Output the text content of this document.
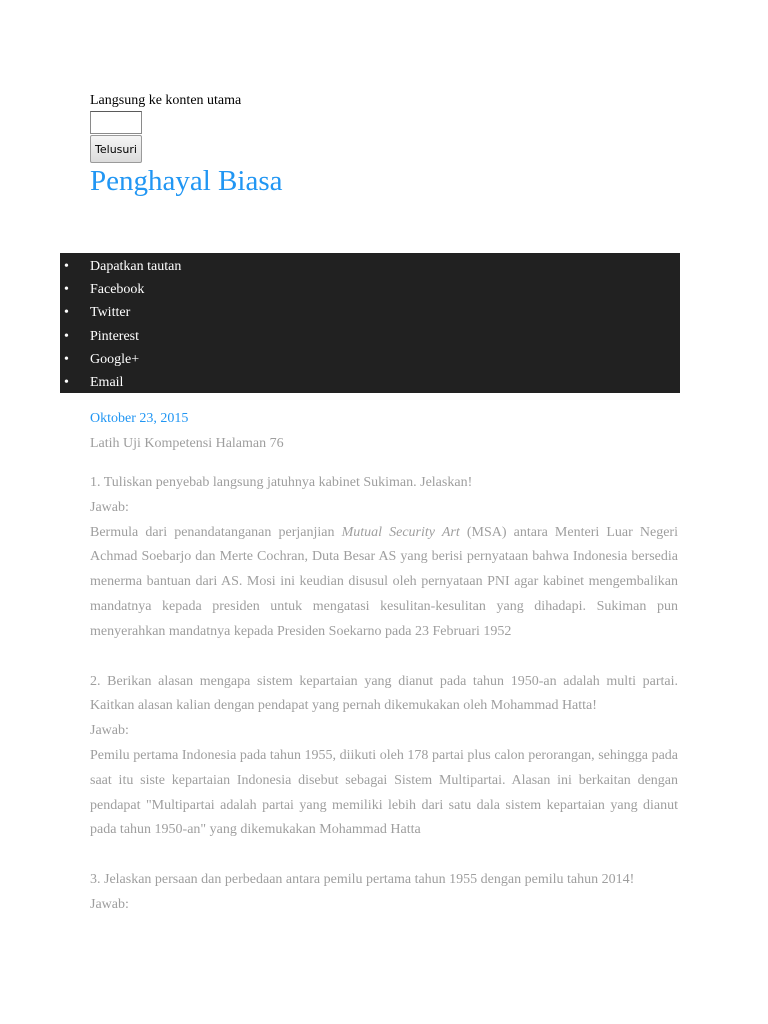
Langsung ke konten utama
Telusuri
Penghayal Biasa
• Dapatkan tautan
• Facebook
• Twitter
• Pinterest
• Google+
• Email
Oktober 23, 2015
Latih Uji Kompetensi Halaman 76
1. Tuliskan penyebab langsung jatuhnya kabinet Sukiman. Jelaskan!
Jawab:

Bermula dari penandatanganan perjanjian Mutual Security Art (MSA) antara Menteri Luar Negeri Achmad Soebarjo dan Merte Cochran, Duta Besar AS yang berisi pernyataan bahwa Indonesia bersedia menerma bantuan dari AS. Mosi ini keudian disusul oleh pernyataan PNI agar kabinet mengembalikan mandatnya kepada presiden untuk mengatasi kesulitan-kesulitan yang dihadapi. Sukiman pun menyerahkan mandatnya kepada Presiden Soekarno pada 23 Februari 1952

2. Berikan alasan mengapa sistem kepartaian yang dianut pada tahun 1950-an adalah multi partai. Kaitkan alasan kalian dengan pendapat yang pernah dikemukakan oleh Mohammad Hatta!

Jawab:

Pemilu pertama Indonesia pada tahun 1955, diikuti oleh 178 partai plus calon perorangan, sehingga pada saat itu siste kepartaian Indonesia disebut sebagai Sistem Multipartai. Alasan ini berkaitan dengan pendapat "Multipartai adalah partai yang memiliki lebih dari satu dala sistem kepartaian yang dianut pada tahun 1950-an" yang dikemukakan Mohammad Hatta

3. Jelaskan persaan dan perbedaan antara pemilu pertama tahun 1955 dengan pemilu tahun 2014!
Jawab:
